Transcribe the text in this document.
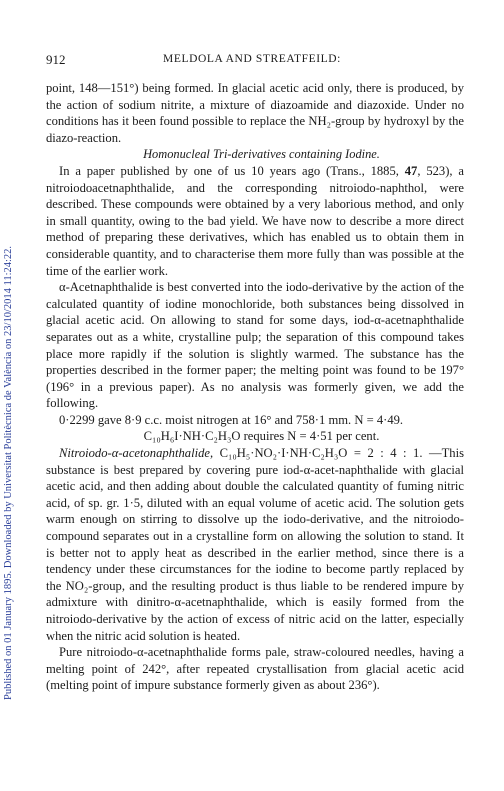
Published on 01 January 1895. Downloaded by Universitat Politècnica de València on 23/10/2014 11:24:22.
912	MELDOLA AND STREATFEILD:

point, 148—151°) being formed. In glacial acetic acid only, there is produced, by the action of sodium nitrite, a mixture of diazoamide and diazoxide. Under no conditions has it been found possible to replace the NH₂-group by hydroxyl by the diazo-reaction.

Homonucleal Tri-derivatives containing Iodine.

In a paper published by one of us 10 years ago (Trans., 1885, 47, 523), a nitroiodoacetnaphthalide, and the corresponding nitroiodo-naphthol, were described. These compounds were obtained by a very laborious method, and only in small quantity, owing to the bad yield. We have now to describe a more direct method of preparing these derivatives, which has enabled us to obtain them in considerable quantity, and to characterise them more fully than was possible at the time of the earlier work.

α-Acetnaphthalide is best converted into the iodo-derivative by the action of the calculated quantity of iodine monochloride, both substances being dissolved in glacial acetic acid. On allowing to stand for some days, iod-α-acetnaphthalide separates out as a white, crystalline pulp; the separation of this compound takes place more rapidly if the solution is slightly warmed. The substance has the properties described in the former paper; the melting point was found to be 197° (196° in a previous paper). As no analysis was formerly given, we add the following.

0·2299 gave 8·9 c.c. moist nitrogen at 16° and 758·1 mm. N = 4·49.

C₁₀H₆I·NH·C₂H₃O requires N = 4·51 per cent.

Nitroiodo-α-acetonaphthalide, C₁₀H₅·NO₂·I·NH·C₂H₃O = 2 : 4 : 1. —This substance is best prepared by covering pure iod-α-acet-naphthalide with glacial acetic acid, and then adding about double the calculated quantity of fuming nitric acid, of sp. gr. 1·5, diluted with an equal volume of acetic acid. The solution gets warm enough on stirring to dissolve up the iodo-derivative, and the nitroiodo-compound separates out in a crystalline form on allowing the solution to stand. It is better not to apply heat as described in the earlier method, since there is a tendency under these circumstances for the iodine to become partly replaced by the NO₂-group, and the resulting product is thus liable to be rendered impure by admixture with dinitro-α-acetnaphthalide, which is easily formed from the nitroiodo-derivative by the action of excess of nitric acid on the latter, especially when the nitric acid solution is heated.

Pure nitroiodo-α-acetnaphthalide forms pale, straw-coloured needles, having a melting point of 242°, after repeated crystallisation from glacial acetic acid (melting point of impure substance formerly given as about 236°).
